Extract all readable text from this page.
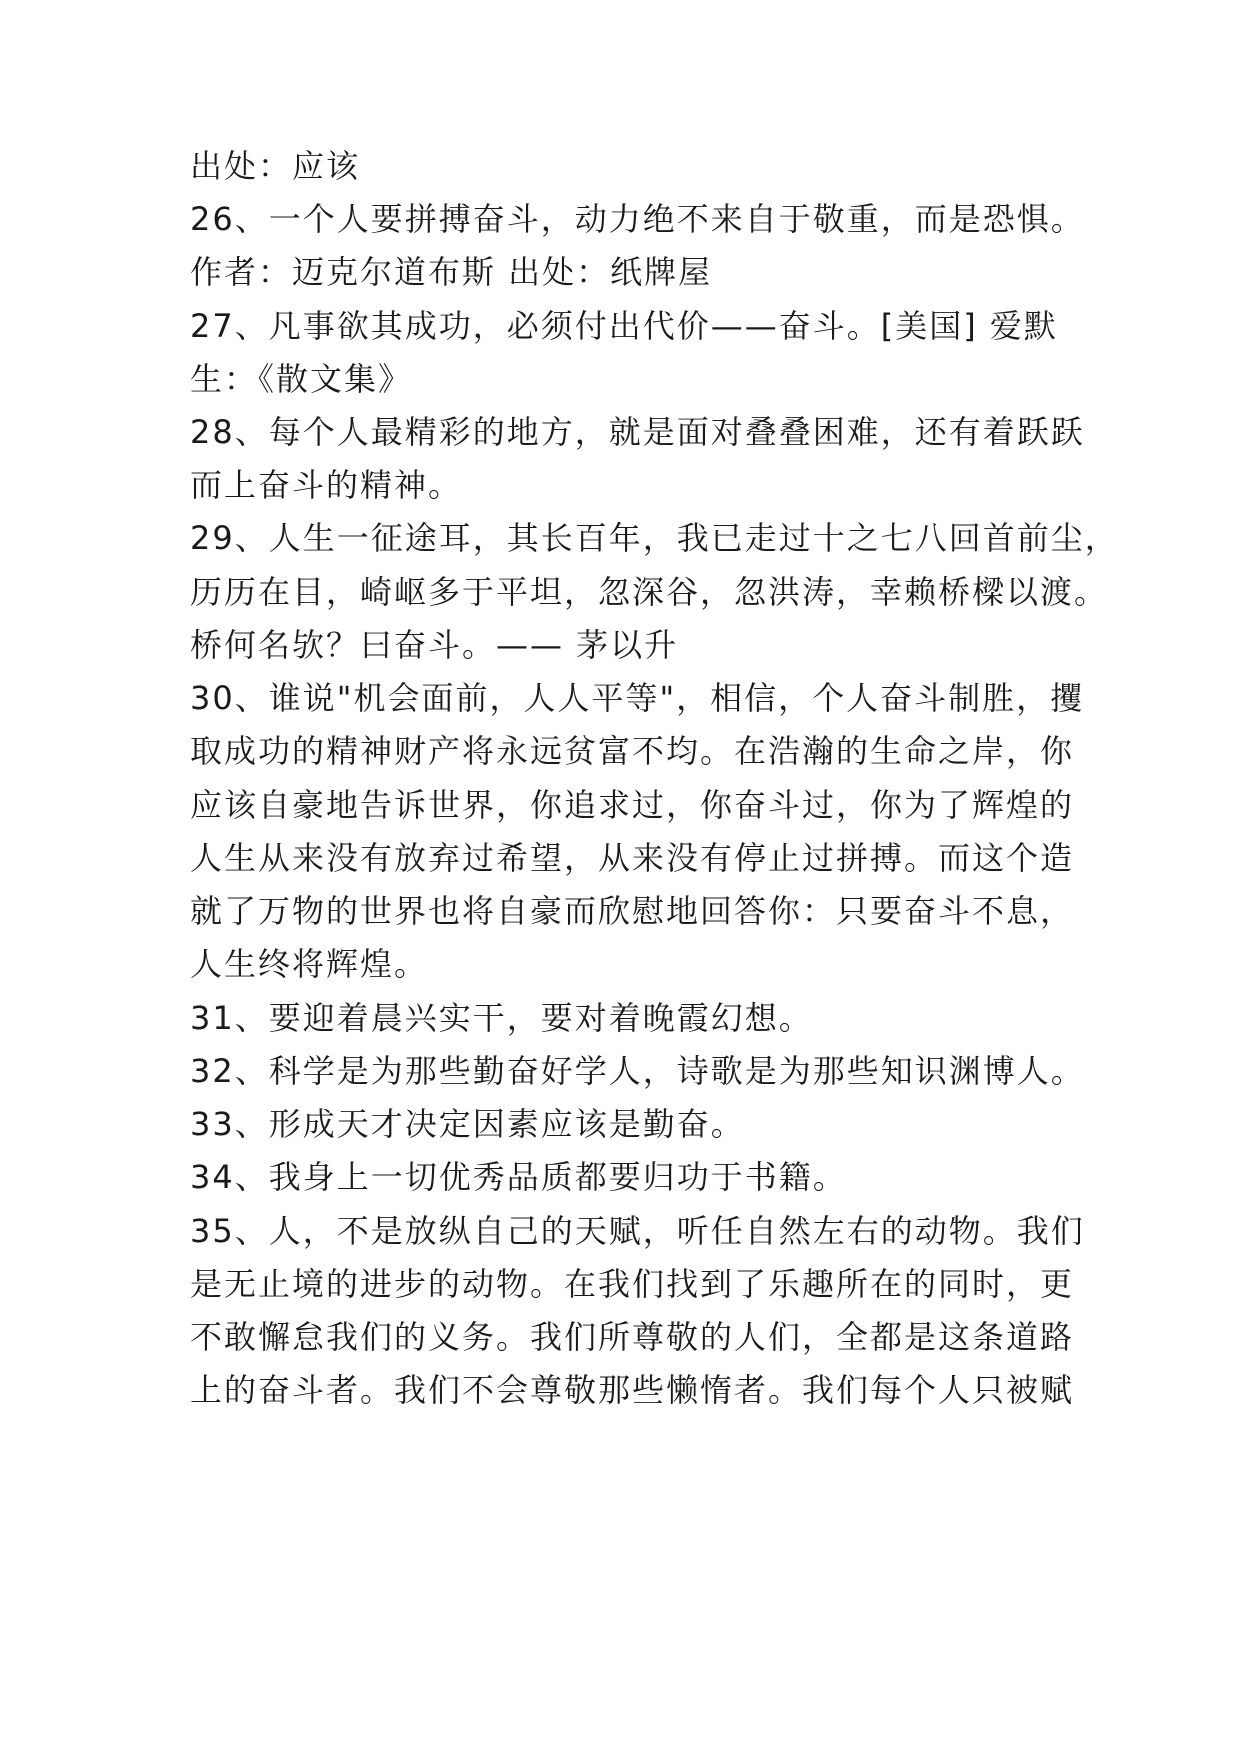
出处：应该
26、一个人要拼搏奋斗，动力绝不来自于敬重，而是恐惧。
作者：迈克尔道布斯 出处：纸牌屋
27、凡事欲其成功，必须付出代价——奋斗。[美国] 爱默
生：《散文集》
28、每个人最精彩的地方，就是面对叠叠困难，还有着跃跃
而上奋斗的精神。
29、人生一征途耳，其长百年，我已走过十之七八回首前尘，
历历在目，崎岖多于平坦，忽深谷，忽洪涛，幸赖桥樑以渡。
桥何名欤？曰奋斗。—— 茅以升
30、谁说"机会面前，人人平等"，相信，个人奋斗制胜，攫
取成功的精神财产将永远贫富不均。在浩瀚的生命之岸，你
应该自豪地告诉世界，你追求过，你奋斗过，你为了辉煌的
人生从来没有放弃过希望，从来没有停止过拼搏。而这个造
就了万物的世界也将自豪而欣慰地回答你：只要奋斗不息，
人生终将辉煌。
31、要迎着晨兴实干，要对着晚霞幻想。
32、科学是为那些勤奋好学人，诗歌是为那些知识渊博人。
33、形成天才决定因素应该是勤奋。
34、我身上一切优秀品质都要归功于书籍。
35、人，不是放纵自己的天赋，听任自然左右的动物。我们
是无止境的进步的动物。在我们找到了乐趣所在的同时，更
不敢懈怠我们的义务。我们所尊敬的人们，全都是这条道路
上的奋斗者。我们不会尊敬那些懒惰者。我们每个人只被赋
